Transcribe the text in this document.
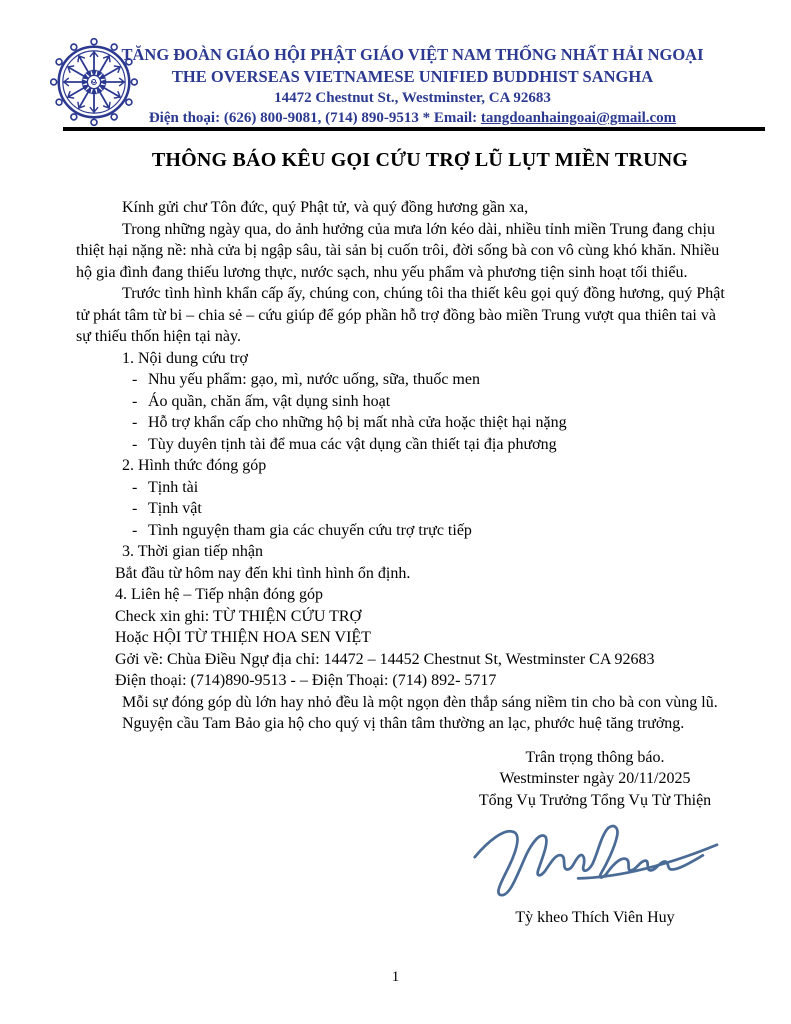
TĂNG ĐOÀN GIÁO HỘI PHẬT GIÁO VIỆT NAM THỐNG NHẤT HẢI NGOẠI
THE OVERSEAS VIETNAMESE UNIFIED BUDDHIST SANGHA
14472 Chestnut St., Westminster, CA 92683
Điện thoại: (626) 800-9081, (714) 890-9513 * Email: tangdoanhaingoai@gmail.com
THÔNG BÁO KÊU GỌI CỨU TRỢ LŨ LỤT MIỀN TRUNG

Kính gửi chư Tôn đức, quý Phật tử, và quý đồng hương gần xa,

Trong những ngày qua, do ảnh hưởng của mưa lớn kéo dài, nhiều tỉnh miền Trung đang chịu thiệt hại nặng nề: nhà cửa bị ngập sâu, tài sản bị cuốn trôi, đời sống bà con vô cùng khó khăn. Nhiều hộ gia đình đang thiếu lương thực, nước sạch, nhu yếu phẩm và phương tiện sinh hoạt tối thiểu.

Trước tình hình khẩn cấp ấy, chúng con, chúng tôi tha thiết kêu gọi quý đồng hương, quý Phật tử phát tâm từ bi – chia sẻ – cứu giúp để góp phần hỗ trợ đồng bào miền Trung vượt qua thiên tai và sự thiếu thốn hiện tại này.

1. Nội dung cứu trợ
- Nhu yếu phẩm: gạo, mì, nước uống, sữa, thuốc men
- Áo quần, chăn ấm, vật dụng sinh hoạt
- Hỗ trợ khẩn cấp cho những hộ bị mất nhà cửa hoặc thiệt hại nặng
- Tùy duyên tịnh tài để mua các vật dụng cần thiết tại địa phương
2. Hình thức đóng góp
- Tịnh tài
- Tịnh vật
- Tình nguyện tham gia các chuyến cứu trợ trực tiếp
3. Thời gian tiếp nhận
Bắt đầu từ hôm nay đến khi tình hình ổn định.
4. Liên hệ – Tiếp nhận đóng góp
Check xin ghi: TỪ THIỆN CỨU TRỢ
Hoặc HỘI TỪ THIỆN HOA SEN VIỆT
Gởi về: Chùa Điều Ngự địa chỉ: 14472 – 14452 Chestnut St, Westminster CA 92683
Điện thoại: (714)890-9513 - – Điện Thoại: (714) 892- 5717

Mỗi sự đóng góp dù lớn hay nhỏ đều là một ngọn đèn thắp sáng niềm tin cho bà con vùng lũ.

Nguyện cầu Tam Bảo gia hộ cho quý vị thân tâm thường an lạc, phước huệ tăng trưởng.

Trân trọng thông báo.
Westminster ngày 20/11/2025
Tổng Vụ Trưởng Tổng Vụ Từ Thiện
Tỳ kheo Thích Viên Huy
1
